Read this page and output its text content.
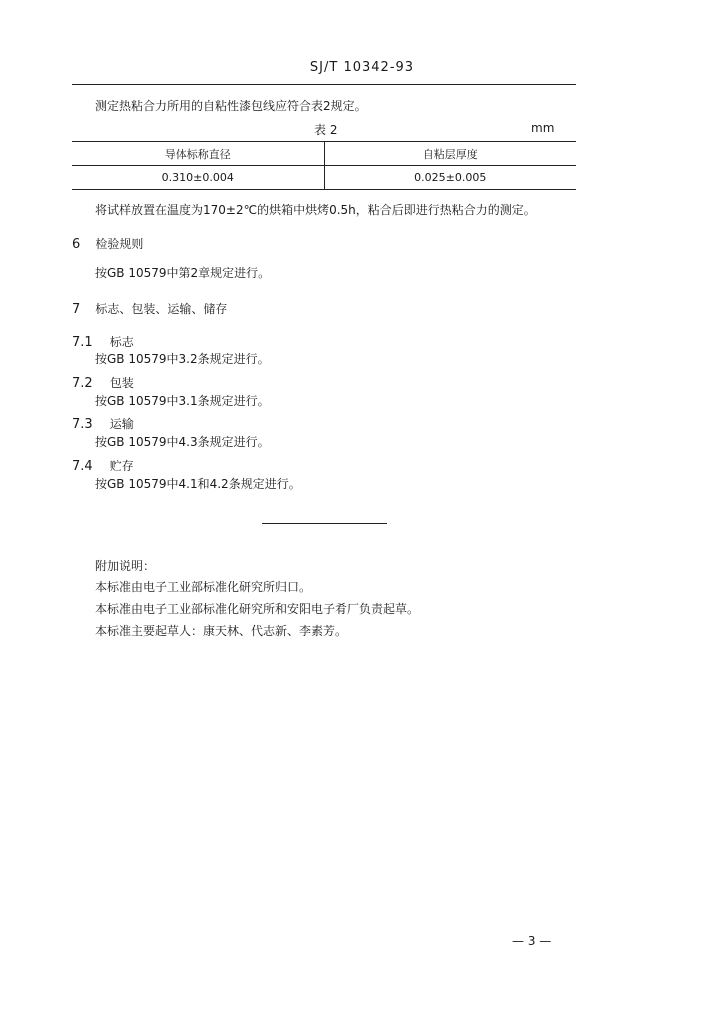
SJ/T 10342-93
测定热粘合力所用的自粘性漆包线应符合表2规定。
表 2	mm
导体标称直径	自粘层厚度
0.310±0.004	0.025±0.005
将试样放置在温度为170±2℃的烘箱中烘烤0.5h，粘合后即进行热粘合力的测定。
6 检验规则
按GB 10579中第2章规定进行。
7 标志、包装、运输、储存
7.1 标志
按GB 10579中3.2条规定进行。
7.2 包装
按GB 10579中3.1条规定进行。
7.3 运输
按GB 10579中4.3条规定进行。
7.4 贮存
按GB 10579中4.1和4.2条规定进行。
附加说明：
本标准由电子工业部标准化研究所归口。
本标准由电子工业部标准化研究所和安阳电子肴厂负责起草。
本标准主要起草人：康天林、代志新、李素芳。
— 3 —
